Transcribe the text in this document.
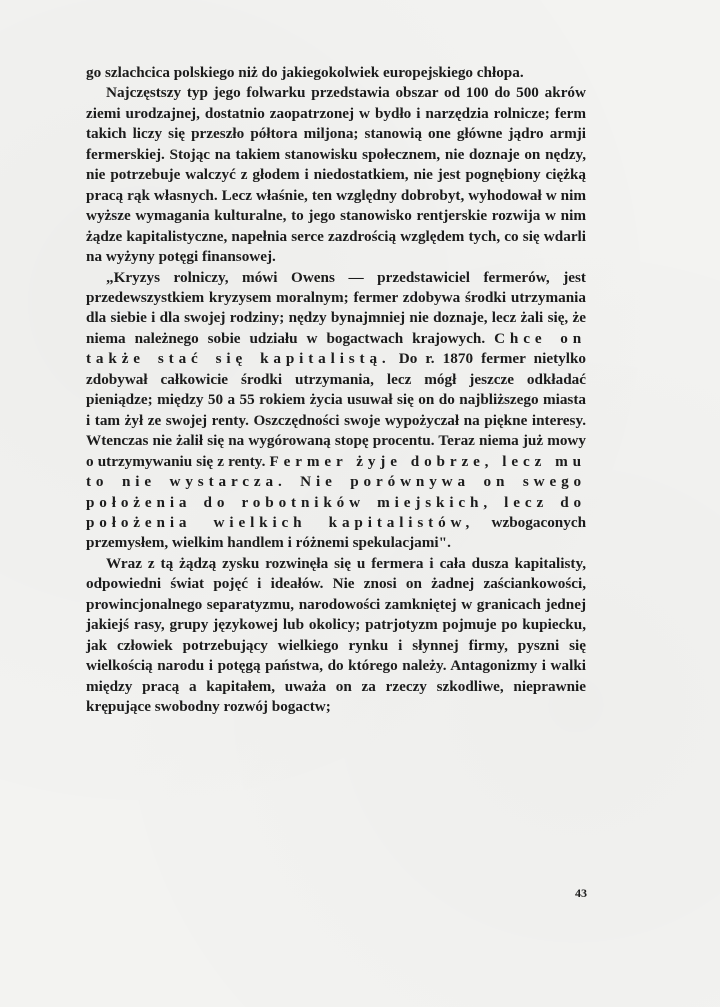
go szlachcica polskiego niż do jakiegokolwiek europejskiego chłopa.

Najczęstszy typ jego folwarku przedstawia obszar od 100 do 500 akrów ziemi urodzajnej, dostatnio zaopatrzonej w bydło i narzędzia rolnicze; ferm takich liczy się przeszło półtora miljona; stanowią one główne jądro armji fermerskiej. Stojąc na takiem stanowisku społecznem, nie doznaje on nędzy, nie potrzebuje walczyć z głodem i niedostatkiem, nie jest pognębiony ciężką pracą rąk własnych. Lecz właśnie, ten względny dobrobyt, wyhodował w nim wyższe wymagania kulturalne, to jego stanowisko rentjerskie rozwija w nim żądze kapitalistyczne, napełnia serce zazdrością względem tych, co się wdarli na wyżyny potęgi finansowej.

„Kryzys rolniczy, mówi Owens — przedstawiciel fermerów, jest przedewszystkiem kryzysem moralnym; fermer zdobywa środki utrzymania dla siebie i dla swojej rodziny; nędzy bynajmniej nie doznaje, lecz żali się, że niema należnego sobie udziału w bogactwach krajowych. Chce on także stać się kapitalistą. Do r. 1870 fermer nietylko zdobywał całkowicie środki utrzymania, lecz mógł jeszcze odkładać pieniądze; między 50 a 55 rokiem życia usuwał się on do najbliższego miasta i tam żył ze swojej renty. Oszczędności swoje wypożyczał na piękne interesy. Wtenczas nie żalił się na wygórowaną stopę procentu. Teraz niema już mowy o utrzymywaniu się z renty. Fermer żyje dobrze, lecz mu to nie wystarcza. Nie porównywa on swego położenia do robotników miejskich, lecz do położenia wielkich kapitalistów, wzbogaconych przemysłem, wielkim handlem i różnemi spekulacjami".

Wraz z tą żądzą zysku rozwinęła się u fermera i cała dusza kapitalisty, odpowiedni świat pojęć i ideałów. Nie znosi on żadnej zaściankowości, prowincjonalnego separatyzmu, narodowości zamkniętej w granicach jednej jakiejś rasy, grupy językowej lub okolicy; patrjotyzm pojmuje po kupiecku, jak człowiek potrzebujący wielkiego rynku i słynnej firmy, pyszni się wielkością narodu i potęgą państwa, do którego należy. Antagonizmy i walki między pracą a kapitałem, uważa on za rzeczy szkodliwe, nieprawnie krępujące swobodny rozwój bogactw;

43
